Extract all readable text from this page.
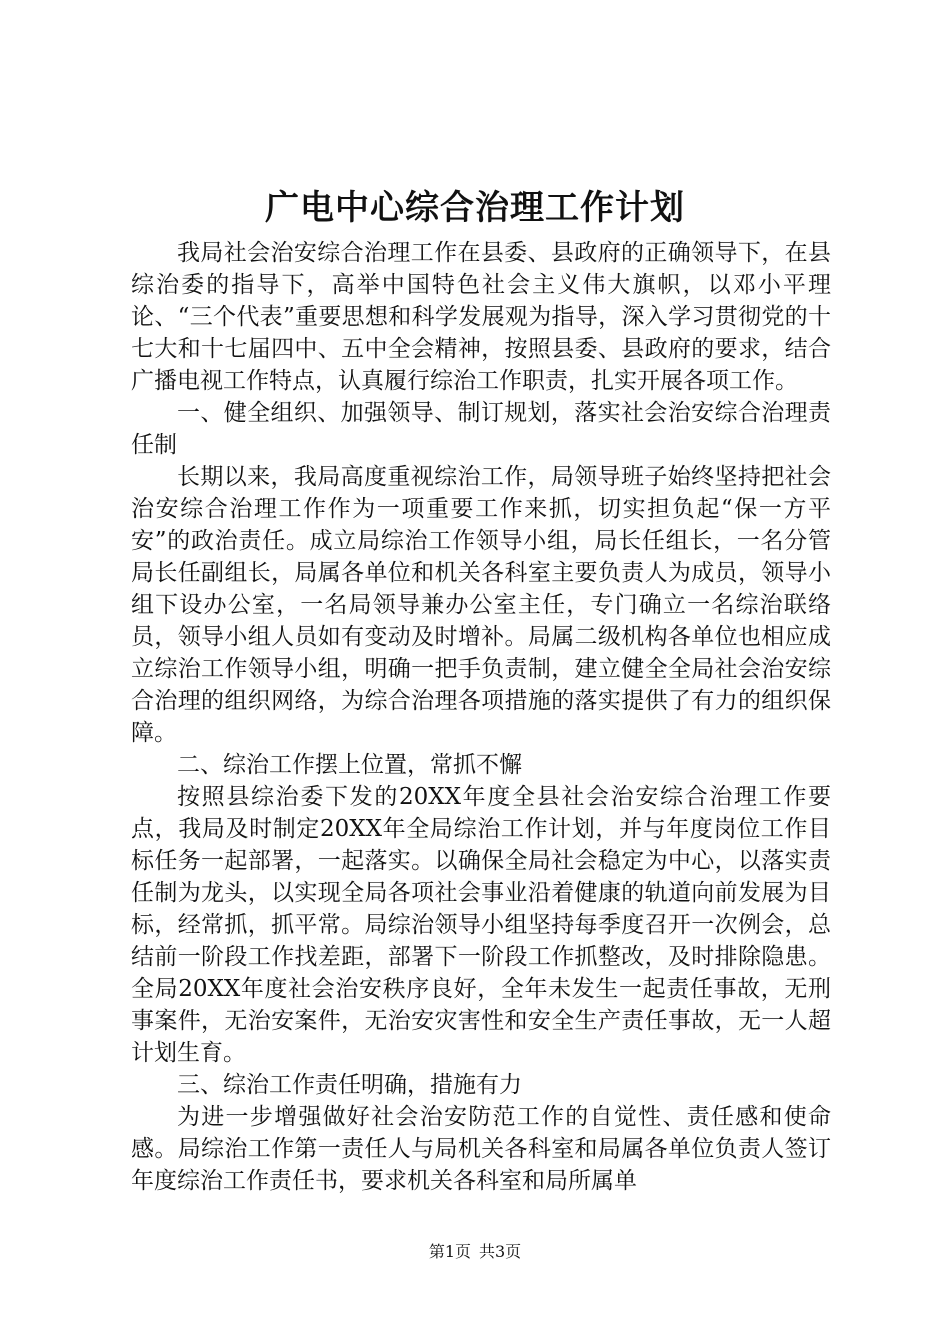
广电中心综合治理工作计划

我局社会治安综合治理工作在县委、县政府的正确领导下，在县综治委的指导下，高举中国特色社会主义伟大旗帜，以邓小平理论、“三个代表”重要思想和科学发展观为指导，深入学习贯彻党的十七大和十七届四中、五中全会精神，按照县委、县政府的要求，结合广播电视工作特点，认真履行综治工作职责，扎实开展各项工作。

一、健全组织、加强领导、制订规划，落实社会治安综合治理责任制

长期以来，我局高度重视综治工作，局领导班子始终坚持把社会治安综合治理工作作为一项重要工作来抓，切实担负起“保一方平安”的政治责任。成立局综治工作领导小组，局长任组长，一名分管局长任副组长，局属各单位和机关各科室主要负责人为成员，领导小组下设办公室，一名局领导兼办公室主任，专门确立一名综治联络员，领导小组人员如有变动及时增补。局属二级机构各单位也相应成立综治工作领导小组，明确一把手负责制，建立健全全局社会治安综合治理的组织网络，为综合治理各项措施的落实提供了有力的组织保障。

二、综治工作摆上位置，常抓不懈

按照县综治委下发的20XX年度全县社会治安综合治理工作要点，我局及时制定20XX年全局综治工作计划，并与年度岗位工作目标任务一起部署，一起落实。以确保全局社会稳定为中心，以落实责任制为龙头，以实现全局各项社会事业沿着健康的轨道向前发展为目标，经常抓，抓平常。局综治领导小组坚持每季度召开一次例会，总结前一阶段工作找差距，部署下一阶段工作抓整改，及时排除隐患。全局20XX年度社会治安秩序良好，全年未发生一起责任事故，无刑事案件，无治安案件，无治安灾害性和安全生产责任事故，无一人超计划生育。

三、综治工作责任明确，措施有力

为进一步增强做好社会治安防范工作的自觉性、责任感和使命感。局综治工作第一责任人与局机关各科室和局属各单位负责人签订年度综治工作责任书，要求机关各科室和局所属单

第1页 共3页
